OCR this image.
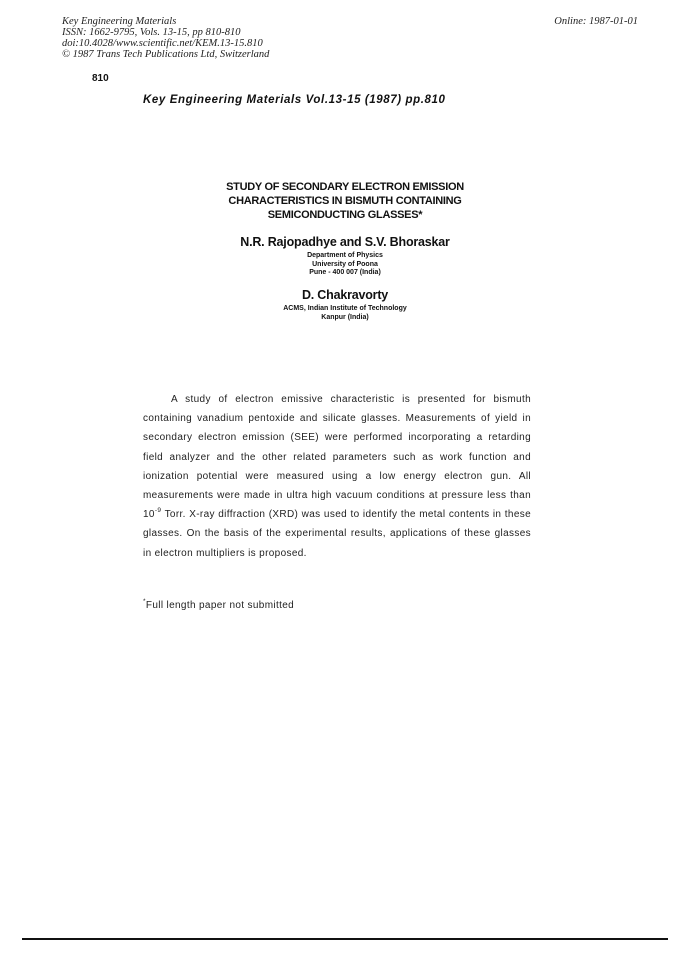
Key Engineering Materials
ISSN: 1662-9795, Vols. 13-15, pp 810-810
doi:10.4028/www.scientific.net/KEM.13-15.810
© 1987 Trans Tech Publications Ltd, Switzerland
Online: 1987-01-01
810
Key Engineering Materials Vol.13-15 (1987) pp.810
STUDY OF SECONDARY ELECTRON EMISSION
CHARACTERISTICS IN BISMUTH CONTAINING
SEMICONDUCTING GLASSES*
N.R. Rajopadhye and S.V. Bhoraskar
Department of Physics
University of Poona
Pune - 400 007 (India)
D. Chakravorty
ACMS, Indian Institute of Technology
Kanpur (India)
A study of electron emissive characteristic is presented for bismuth containing vanadium pentoxide and silicate glasses. Measurements of yield in secondary electron emission (SEE) were performed incorporating a retarding field analyzer and the other related parameters such as work function and ionization potential were measured using a low energy electron gun. All measurements were made in ultra high vacuum conditions at pressure less than $10^{-9}$ Torr. X-ray diffraction (XRD) was used to identify the metal contents in these glasses. On the basis of the experimental results, applications of these glasses in electron multipliers is proposed.
*Full length paper not submitted
